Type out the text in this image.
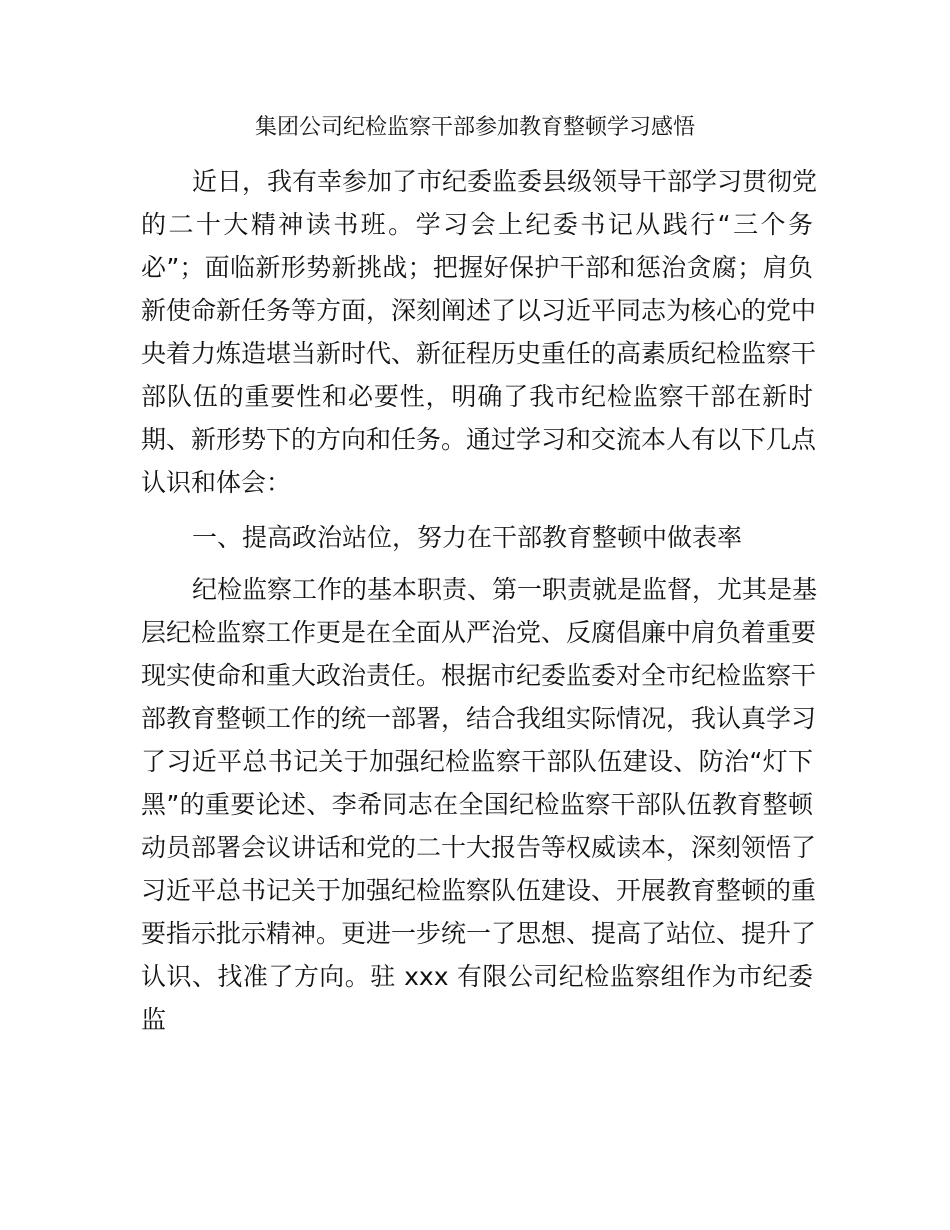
集团公司纪检监察干部参加教育整顿学习感悟
近日，我有幸参加了市纪委监委县级领导干部学习贯彻党
的二十大精神读书班。学习会上纪委书记从践行“三个务
必”；面临新形势新挑战；把握好保护干部和惩治贪腐；肩负
新使命新任务等方面，深刻阐述了以习近平同志为核心的党中
央着力炼造堪当新时代、新征程历史重任的高素质纪检监察干
部队伍的重要性和必要性，明确了我市纪检监察干部在新时
期、新形势下的方向和任务。通过学习和交流本人有以下几点
认识和体会：
一、提高政治站位，努力在干部教育整顿中做表率
纪检监察工作的基本职责、第一职责就是监督，尤其是基
层纪检监察工作更是在全面从严治党、反腐倡廉中肩负着重要
现实使命和重大政治责任。根据市纪委监委对全市纪检监察干
部教育整顿工作的统一部署，结合我组实际情况，我认真学习
了习近平总书记关于加强纪检监察干部队伍建设、防治“灯下
黑”的重要论述、李希同志在全国纪检监察干部队伍教育整顿
动员部署会议讲话和党的二十大报告等权威读本，深刻领悟了
习近平总书记关于加强纪检监察队伍建设、开展教育整顿的重
要指示批示精神。更进一步统一了思想、提高了站位、提升了
认识、找准了方向。驻 xxx 有限公司纪检监察组作为市纪委
监
